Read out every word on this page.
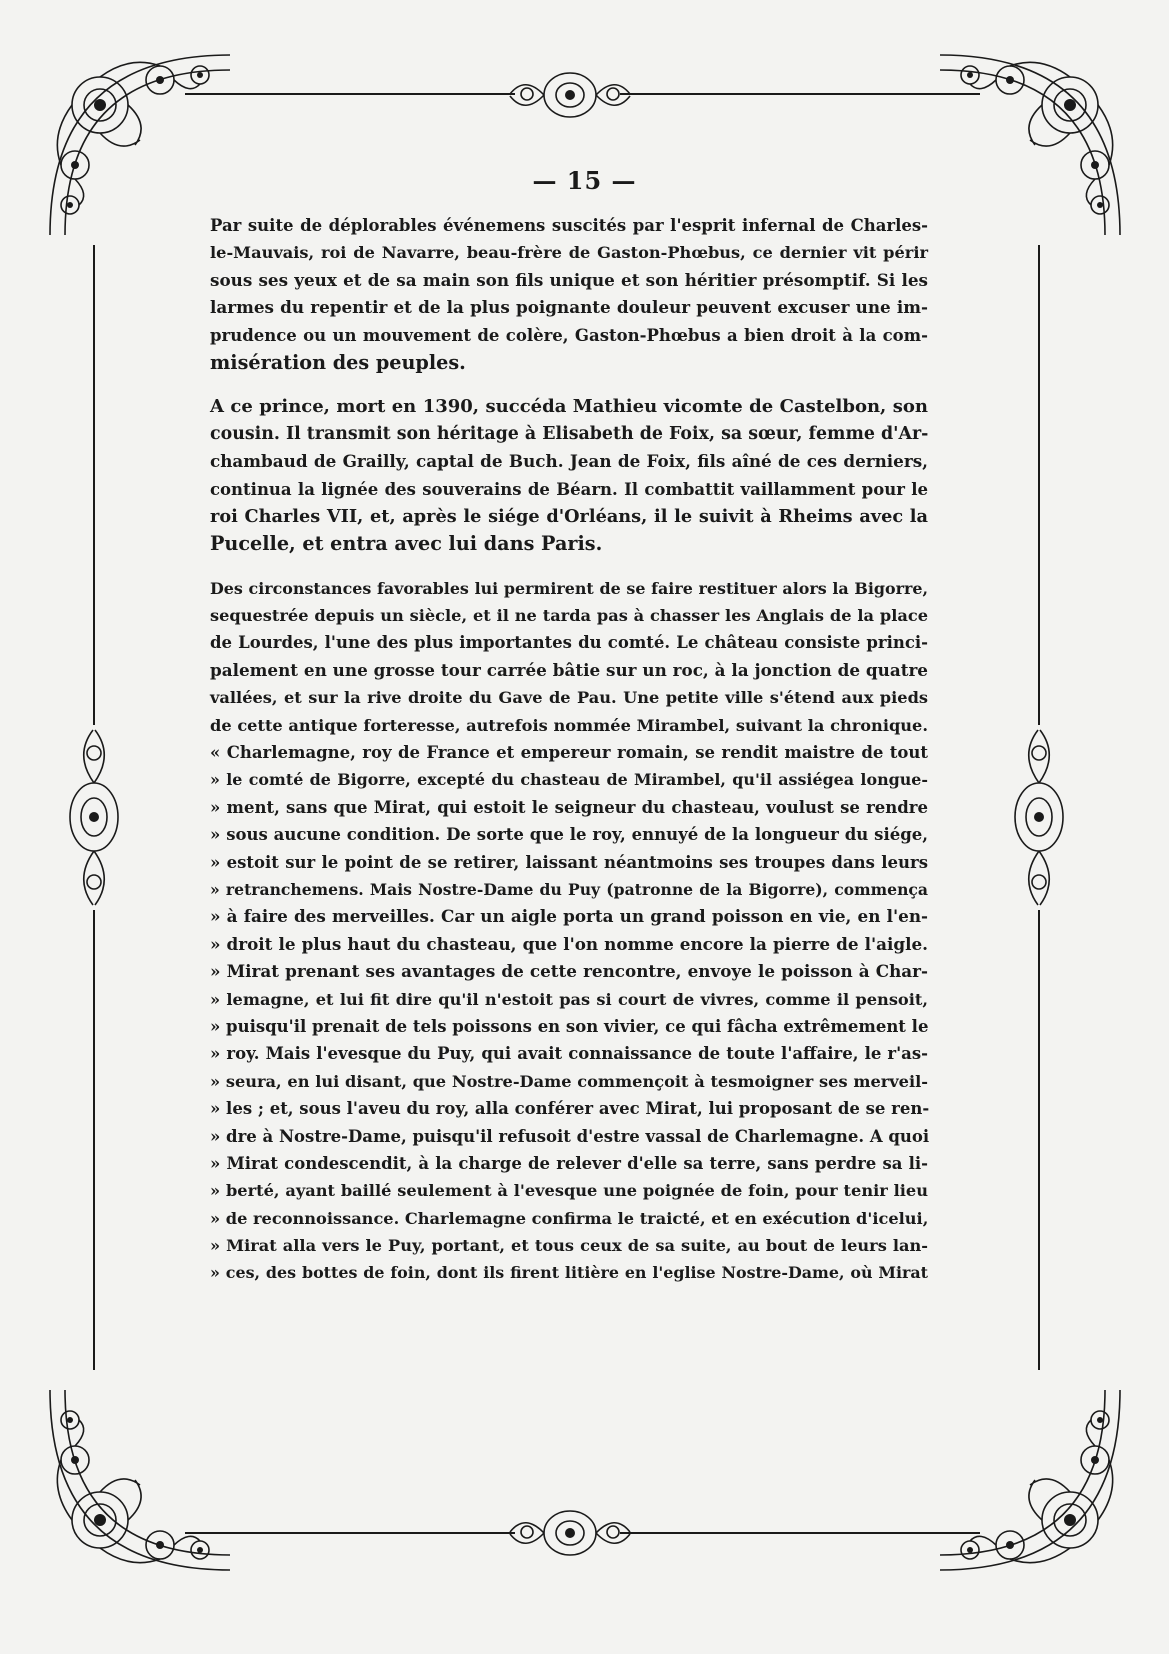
— 15 —
Par suite de déplorables événemens suscités par l'esprit infernal de Charles-
le-Mauvais, roi de Navarre, beau-frère de Gaston-Phœbus, ce dernier vit périr
sous ses yeux et de sa main son fils unique et son héritier présomptif. Si les
larmes du repentir et de la plus poignante douleur peuvent excuser une im-
prudence ou un mouvement de colère, Gaston-Phœbus a bien droit à la com-
misération des peuples.
A ce prince, mort en 1390, succéda Mathieu vicomte de Castelbon, son
cousin. Il transmit son héritage à Elisabeth de Foix, sa sœur, femme d'Ar-
chambaud de Grailly, captal de Buch. Jean de Foix, fils aîné de ces derniers,
continua la lignée des souverains de Béarn. Il combattit vaillamment pour le
roi Charles VII, et, après le siége d'Orléans, il le suivit à Rheims avec la
Pucelle, et entra avec lui dans Paris.
Des circonstances favorables lui permirent de se faire restituer alors la Bigorre,
sequestrée depuis un siècle, et il ne tarda pas à chasser les Anglais de la place
de Lourdes, l'une des plus importantes du comté. Le château consiste princi-
palement en une grosse tour carrée bâtie sur un roc, à la jonction de quatre
vallées, et sur la rive droite du Gave de Pau. Une petite ville s'étend aux pieds
de cette antique forteresse, autrefois nommée Mirambel, suivant la chronique.
« Charlemagne, roy de France et empereur romain, se rendit maistre de tout
» le comté de Bigorre, excepté du chasteau de Mirambel, qu'il assiégea longue-
» ment, sans que Mirat, qui estoit le seigneur du chasteau, voulust se rendre
» sous aucune condition. De sorte que le roy, ennuyé de la longueur du siége,
» estoit sur le point de se retirer, laissant néantmoins ses troupes dans leurs
» retranchemens. Mais Nostre-Dame du Puy (patronne de la Bigorre), commença
» à faire des merveilles. Car un aigle porta un grand poisson en vie, en l'en-
» droit le plus haut du chasteau, que l'on nomme encore la pierre de l'aigle.
» Mirat prenant ses avantages de cette rencontre, envoye le poisson à Char-
» lemagne, et lui fit dire qu'il n'estoit pas si court de vivres, comme il pensoit,
» puisqu'il prenait de tels poissons en son vivier, ce qui fâcha extrêmement le
» roy. Mais l'evesque du Puy, qui avait connaissance de toute l'affaire, le r'as-
» seura, en lui disant, que Nostre-Dame commençoit à tesmoigner ses merveil-
» les ; et, sous l'aveu du roy, alla conférer avec Mirat, lui proposant de se ren-
» dre à Nostre-Dame, puisqu'il refusoit d'estre vassal de Charlemagne. A quoi
» Mirat condescendit, à la charge de relever d'elle sa terre, sans perdre sa li-
» berté, ayant baillé seulement à l'evesque une poignée de foin, pour tenir lieu
» de reconnoissance. Charlemagne confirma le traicté, et en exécution d'icelui,
» Mirat alla vers le Puy, portant, et tous ceux de sa suite, au bout de leurs lan-
» ces, des bottes de foin, dont ils firent litière en l'eglise Nostre-Dame, où Mirat
